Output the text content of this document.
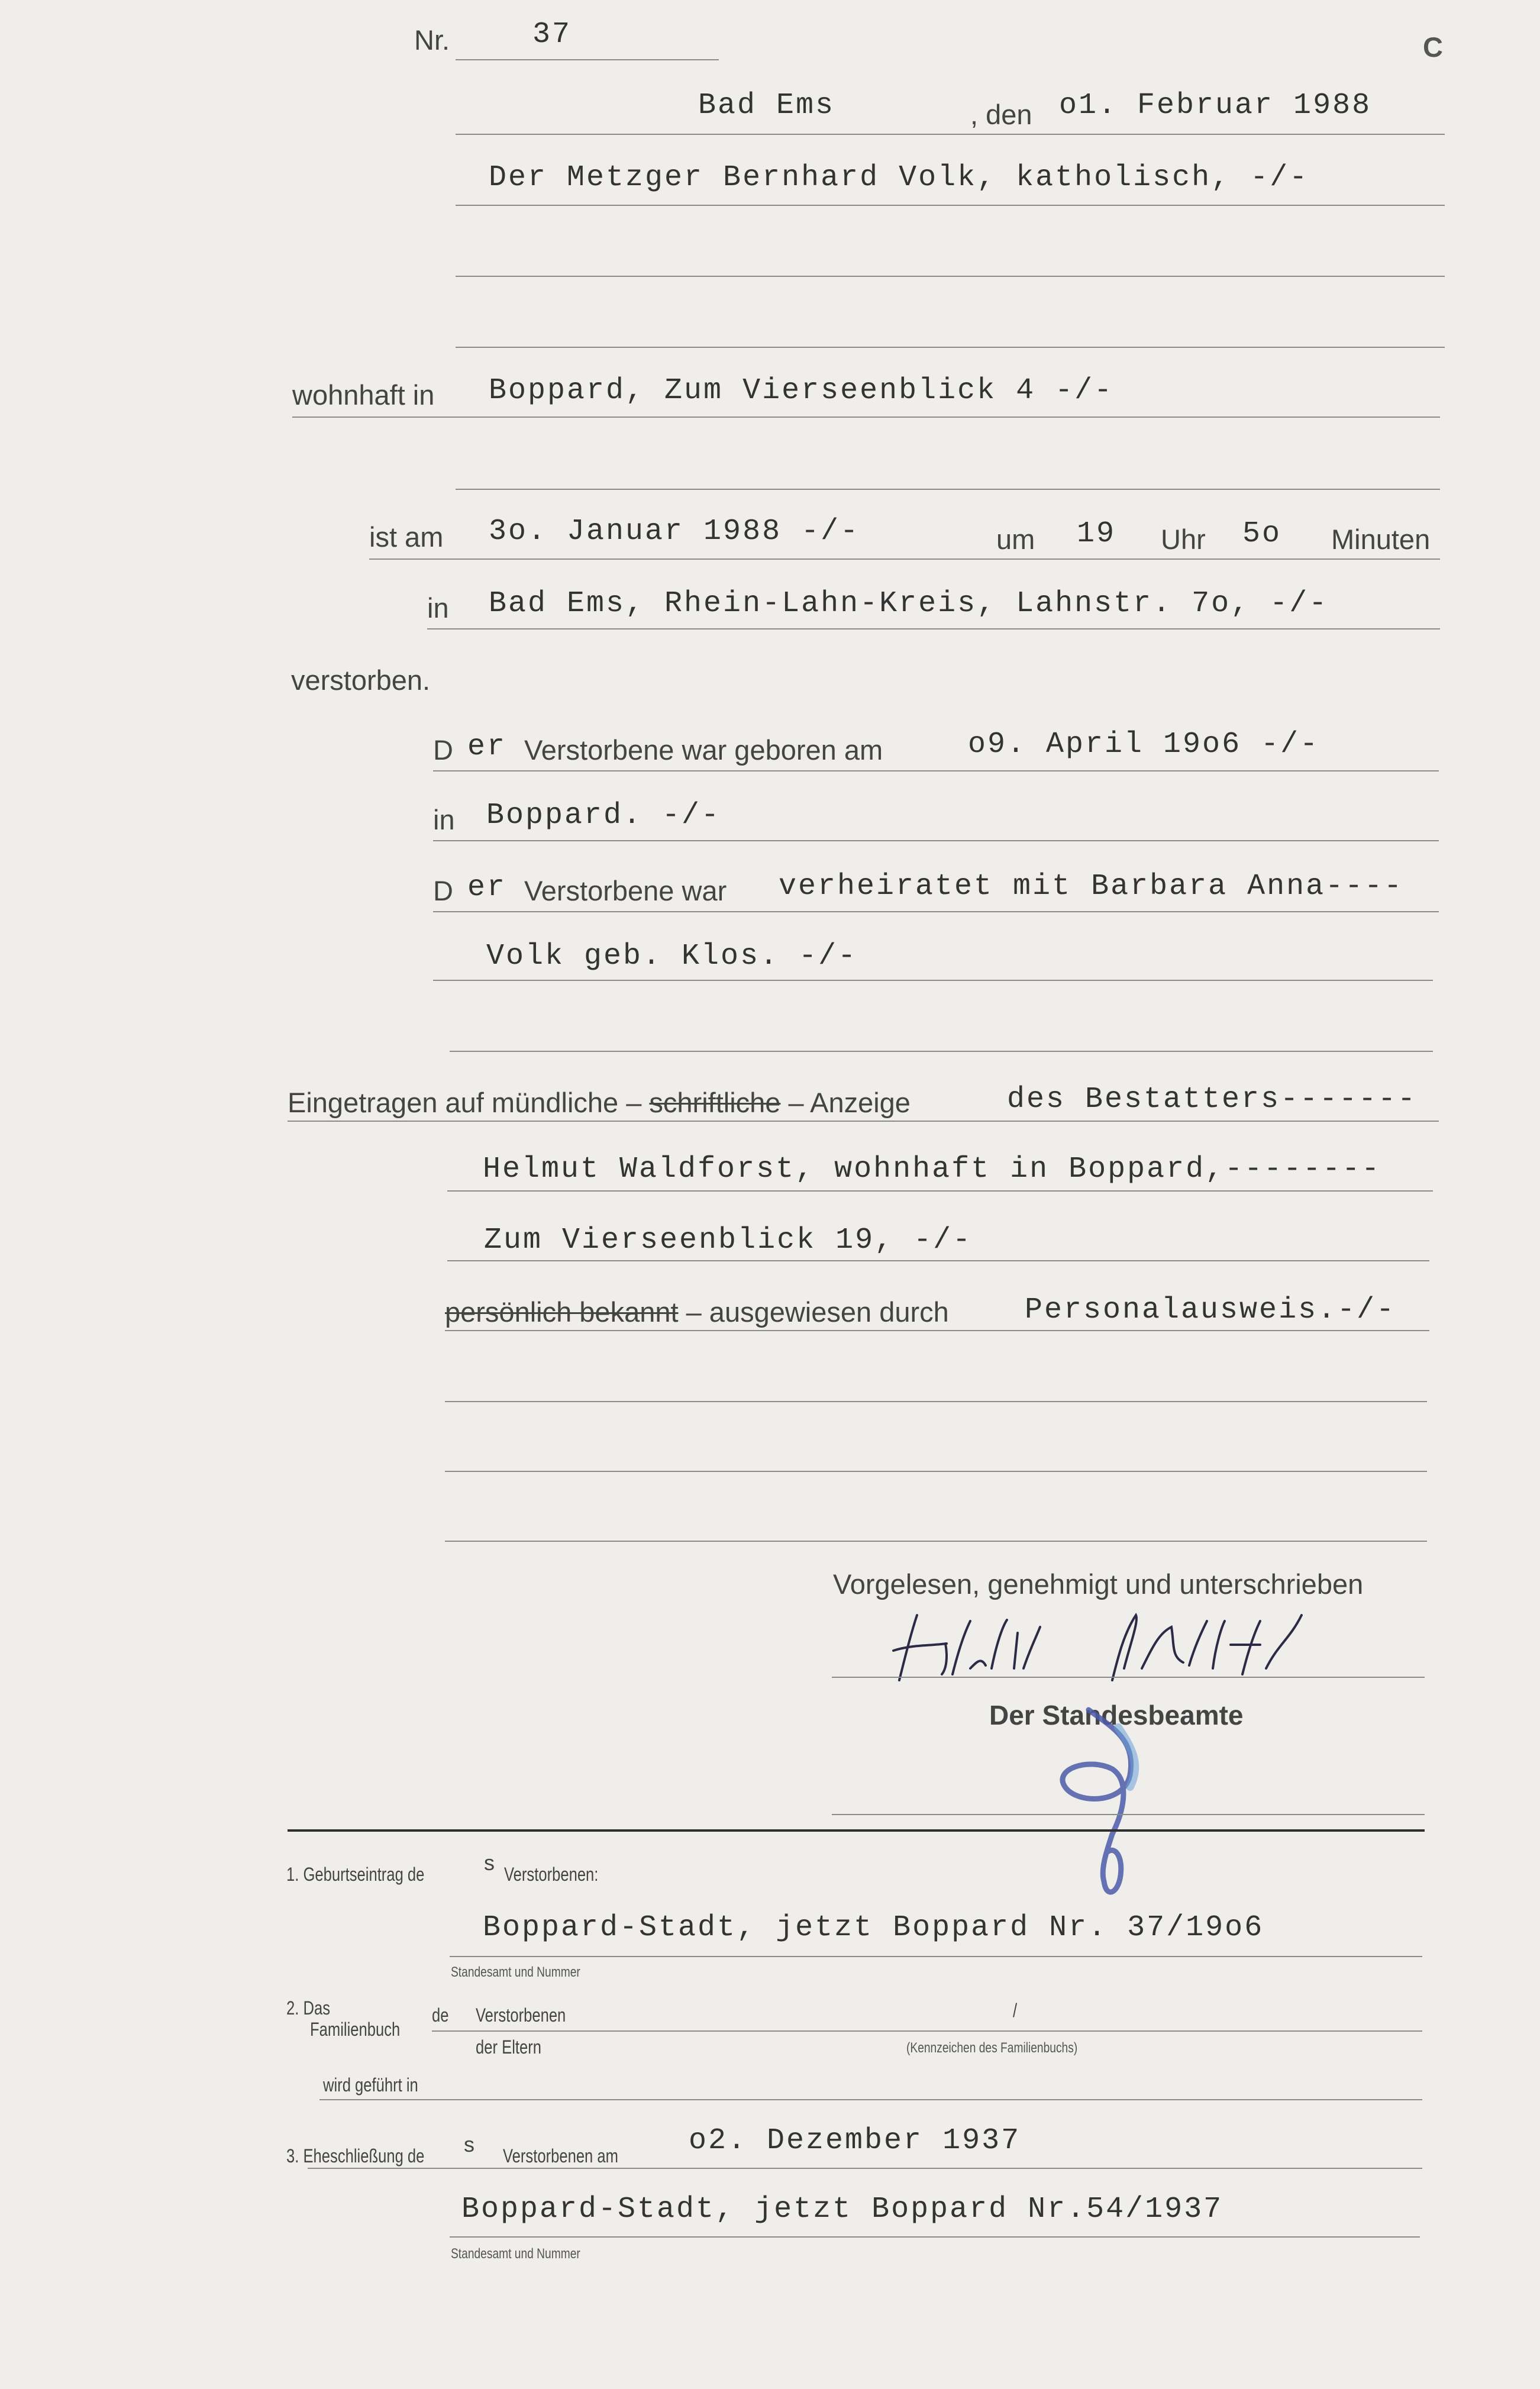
Nr.	37	C
Bad Ems	, den o1. Februar 1988
Der Metzger Bernhard Volk, katholisch, -/-
wohnhaft in Boppard, Zum Vierseenblick 4 -/-
ist am 3o. Januar 1988 -/-	um 19 Uhr 5o Minuten
in Bad Ems, Rhein-Lahn-Kreis, Lahnstr. 7o, -/-
verstorben.
D er Verstorbene war geboren am	o9. April 19o6 -/-
in Boppard. -/-
D er Verstorbene war verheiratet mit Barbara Anna----
Volk geb. Klos. -/-
Eingetragen auf mündliche – schriftliche – Anzeige	des Bestatters-------
Helmut Waldforst, wohnhaft in Boppard,--------
Zum Vierseenblick 19, -/-
persönlich bekannt – ausgewiesen durch	Personalausweis.-/-
Vorgelesen, genehmigt und unterschrieben
Der Standesbeamte
1. Geburtseintrag de	s Verstorbenen:
Boppard-Stadt, jetzt Boppard Nr. 37/19o6
Standesamt und Nummer
2. Das
Familienbuch
de Verstorbenen
der Eltern
/
(Kennzeichen des Familienbuchs)
wird geführt in
3. Eheschließung de s Verstorbenen am o2. Dezember 1937
Boppard-Stadt, jetzt Boppard Nr.54/1937
Standesamt und Nummer
